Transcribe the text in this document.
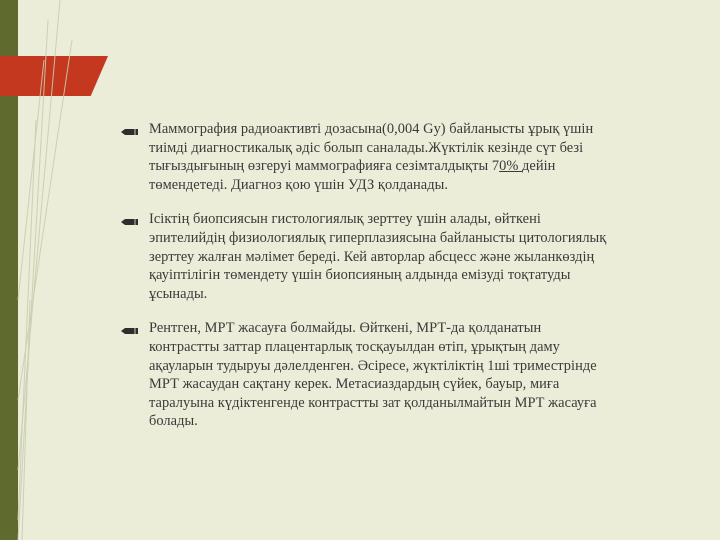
Маммография радиоактивті дозасына(0,004 Gy) байланысты ұрық үшін тиімді диагностикалық әдіс болып саналады.Жүктілік кезінде сүт безі тығыздығының өзгеруі маммографияға сезімталдықты 70% дейін төмендетеді. Диагноз қою үшін УДЗ қолданады.
Ісіктің биопсиясын гистологиялық зерттеу үшін алады, өйткені эпителийдің физиологиялық гиперплазиясына байланысты цитологиялық зерттеу жалған мәлімет береді. Кей авторлар абсцесс және жыланкөздің қауіптілігін төмендету үшін биопсияның алдында емізуді тоқтатуды ұсынады.
Рентген, МРТ жасауға болмайды. Өйткені, МРТ-да қолданатын контрастты заттар плацентарлық тосқауылдан өтіп, ұрықтың даму ақауларын тудыруы дәлелденген. Әсіресе, жүктіліктің 1ші триместрінде МРТ жасаудан сақтану керек. Метасиаздардың сүйек, бауыр, миға таралуына күдіктенгенде контрастты зат қолданылмайтын МРТ жасауға болады.
